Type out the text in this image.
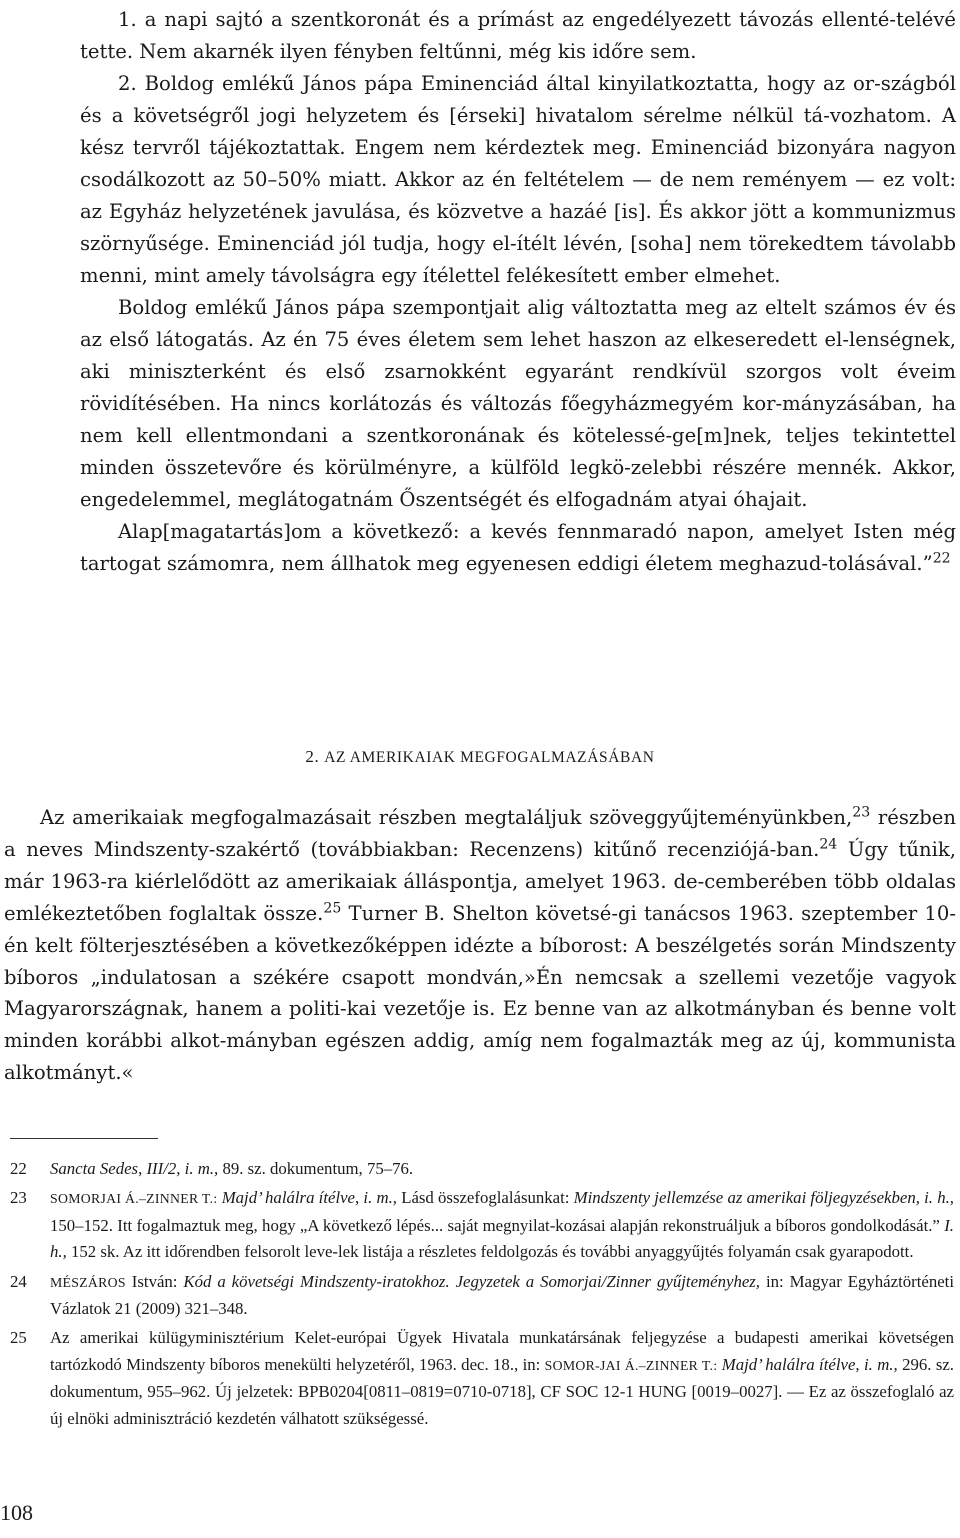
1. a napi sajtó a szentkoronát és a prímást az engedélyezett távozás ellenté-telévé tette. Nem akarnék ilyen fényben feltűnni, még kis időre sem.

2. Boldog emlékű János pápa Eminenciád által kinyilatkoztatta, hogy az or-szágból és a követségről jogi helyzetem és [érseki] hivatalom sérelme nélkül tá-vozhatom. A kész tervről tájékoztattak. Engem nem kérdeztek meg. Eminenciád bizonyára nagyon csodálkozott az 50–50% miatt. Akkor az én feltételem — de nem reményem — ez volt: az Egyház helyzetének javulása, és közvetve a hazáé [is]. És akkor jött a kommunizmus szörnyűsége. Eminenciád jól tudja, hogy el-ítélt lévén, [soha] nem törekedtem távolabb menni, mint amely távolságra egy ítélettel felékesített ember elmehet.

Boldog emlékű János pápa szempontjait alig változtatta meg az eltelt számos év és az első látogatás. Az én 75 éves életem sem lehet haszon az elkeseredett el-lenségnek, aki miniszterként és első zsarnokként egyaránt rendkívül szorgos volt éveim rövidítésében. Ha nincs korlátozás és változás főegyházmegyém kor-mányzásában, ha nem kell ellentmondani a szentkoronának és kötelessé-ge[m]nek, teljes tekintettel minden összetevőre és körülményre, a külföld legkö-zelebbi részére mennék. Akkor, engedelemmel, meglátogatnám Őszentségét és elfogadnám atyai óhajait.

Alap[magatartás]om a következő: a kevés fennmaradó napon, amelyet Isten még tartogat számomra, nem állhatok meg egyenesen eddigi életem meghazud-tolásával.”$^{22}$

2. AZ AMERIKAIAK MEGFOGALMAZÁSÁBAN

Az amerikaiak megfogalmazásait részben megtaláljuk szöveggyűjteményünkben,$^{23}$ részben a neves Mindszenty-szakértő (továbbiakban: Recenzens) kitűnő recenziójá-ban.$^{24}$ Úgy tűnik, már 1963-ra kiérlelődött az amerikaiak álláspontja, amelyet 1963. de-cemberében több oldalas emlékeztetőben foglaltak össze.$^{25}$ Turner B. Shelton követsé-gi tanácsos 1963. szeptember 10-én kelt fölterjesztésében a következőképpen idézte a bíborost: A beszélgetés során Mindszenty bíboros „indulatosan a székére csapott mondván,»Én nemcsak a szellemi vezetője vagyok Magyarországnak, hanem a politi-kai vezetője is. Ez benne van az alkotmányban és benne volt minden korábbi alkot-mányban egészen addig, amíg nem fogalmazták meg az új, kommunista alkotmányt.«

22 Sancta Sedes, III/2, i. m., 89. sz. dokumentum, 75–76.
23 SOMORJAI Á.–ZINNER T.: Majd’ halálra ítélve, i. m., Lásd összefoglalásunkat: Mindszenty jellemzése az amerikai följegyzésekben, i. h., 150–152. Itt fogalmaztuk meg, hogy „A következő lépés... saját megnyilat-kozásai alapján rekonstruáljuk a bíboros gondolkodását.” I. h., 152 sk. Az itt időrendben felsorolt leve-lek listája a részletes feldolgozás és további anyaggyűjtés folyamán csak gyarapodott.
24 MÉSZÁROS István: Kód a követségi Mindszenty-iratokhoz. Jegyzetek a Somorjai/Zinner gyűjteményhez, in: Magyar Egyháztörténeti Vázlatok 21 (2009) 321–348.
25 Az amerikai külügyminisztérium Kelet-európai Ügyek Hivatala munkatársának feljegyzése a budapesti amerikai követségen tartózkodó Mindszenty bíboros menekülti helyzetéről, 1963. dec. 18., in: SOMOR-JAI Á.–ZINNER T.: Majd’ halálra ítélve, i. m., 296. sz. dokumentum, 955–962. Új jelzetek: BPB0204[0811–0819=0710-0718], CF SOC 12-1 HUNG [0019–0027]. — Ez az összefoglaló az új elnöki adminisztráció kezdetén válhatott szükségessé.
108
